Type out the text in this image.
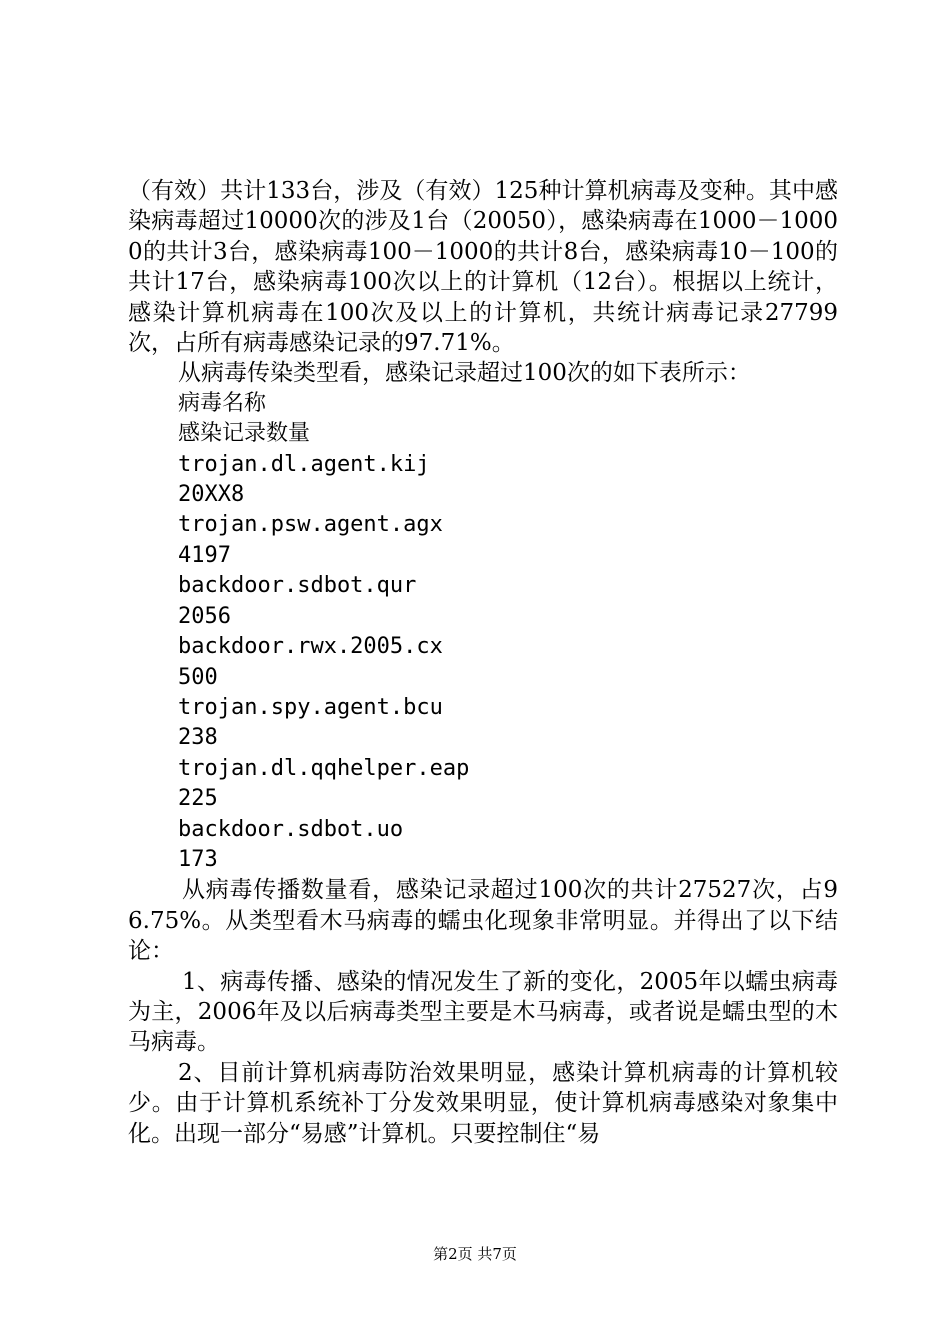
（有效）共计133台，涉及（有效）125种计算机病毒及变种。其中感染病毒超过10000次的涉及1台（20050），感染病毒在1000－10000的共计3台，感染病毒100－1000的共计8台，感染病毒10－100的共计17台，感染病毒100次以上的计算机（12台）。根据以上统计，感染计算机病毒在100次及以上的计算机，共统计病毒记录27799次，占所有病毒感染记录的97.71%。

从病毒传染类型看，感染记录超过100次的如下表所示：

病毒名称
感染记录数量
trojan.dl.agent.kij
20XX8
trojan.psw.agent.agx
4197
backdoor.sdbot.qur
2056
backdoor.rwx.2005.cx
500
trojan.spy.agent.bcu
238
trojan.dl.qqhelper.eap
225
backdoor.sdbot.uo
173

从病毒传播数量看，感染记录超过100次的共计27527次，占96.75%。从类型看木马病毒的蠕虫化现象非常明显。并得出了以下结论：

1、病毒传播、感染的情况发生了新的变化，2005年以蠕虫病毒为主，2006年及以后病毒类型主要是木马病毒，或者说是蠕虫型的木马病毒。

2、目前计算机病毒防治效果明显，感染计算机病毒的计算机较少。由于计算机系统补丁分发效果明显，使计算机病毒感染对象集中化。出现一部分“易感”计算机。只要控制住“易

第2页 共7页
